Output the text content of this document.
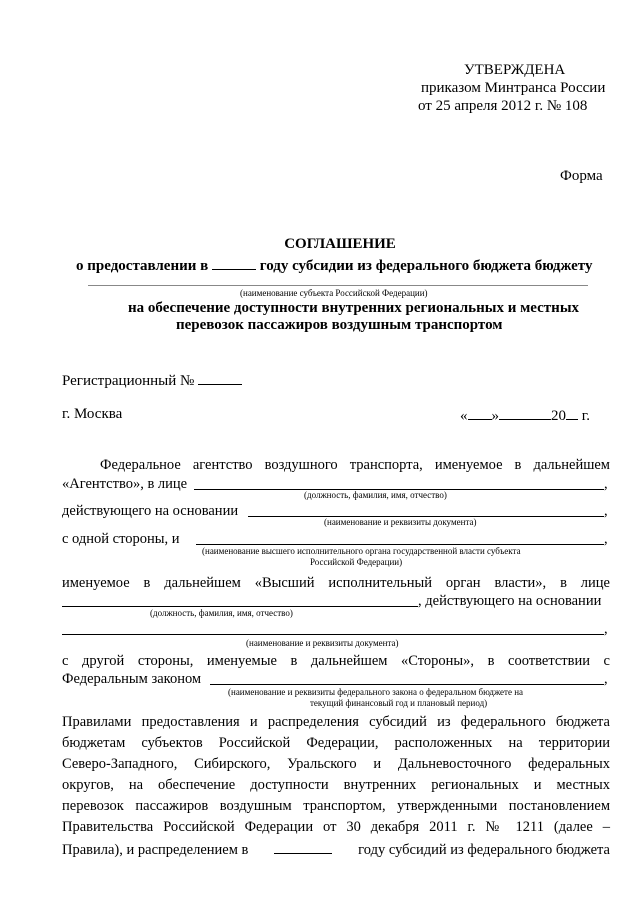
УТВЕРЖДЕНА
приказом Минтранса России
от 25 апреля 2012 г. № 108
Форма
СОГЛАШЕНИЕ
о предоставлении в	году субсидии из федерального бюджета бюджету
(наименование субъекта Российской Федерации)
на обеспечение доступности внутренних региональных и местных
перевозок пассажиров воздушным транспортом
Регистрационный №
г. Москва	« »	20 г.
Федеральное агентство воздушного транспорта, именуемое в дальнейшем
«Агентство», в лице	,
(должность, фамилия, имя, отчество)
действующего на основании	,
(наименование и реквизиты документа)
с одной стороны, и	,
(наименование высшего исполнительного органа государственной власти субъекта
Российской Федерации)
именуемое в дальнейшем «Высший исполнительный орган власти», в лице
, действующего на основании
(должность, фамилия, имя, отчество)
,
(наименование и реквизиты документа)
с другой стороны, именуемые в дальнейшем «Стороны», в соответствии с
Федеральным законом	,
(наименование и реквизиты федерального закона о федеральном бюджете на
текущий финансовый год и плановый период)
Правилами предоставления и распределения субсидий из федерального бюджета
бюджетам субъектов Российской Федерации, расположенных на территории
Северо-Западного, Сибирского, Уральского и Дальневосточного федеральных
округов, на обеспечение доступности внутренних региональных и местных
перевозок пассажиров воздушным транспортом, утвержденными постановлением
Правительства Российской Федерации от 30 декабря 2011 г. № 1211 (далее –
Правила), и распределением в	году субсидий из федерального бюджета
